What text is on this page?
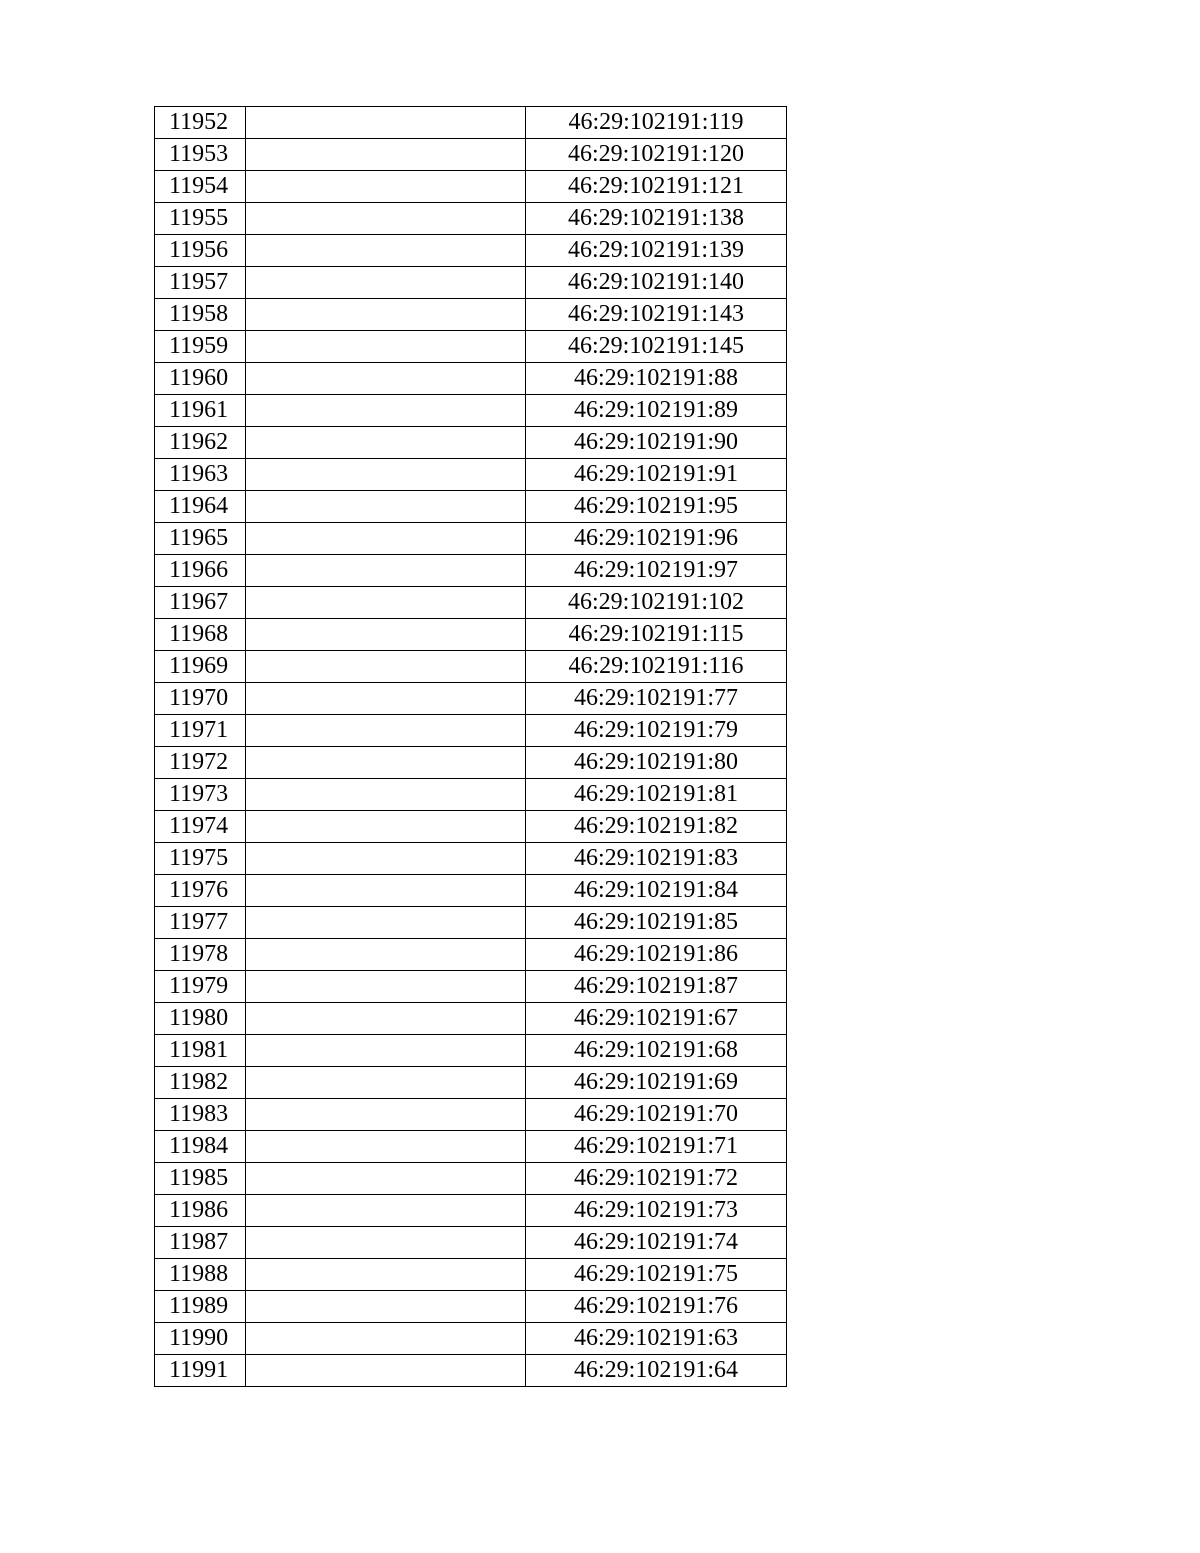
11952		46:29:102191:119
11953		46:29:102191:120
11954		46:29:102191:121
11955		46:29:102191:138
11956		46:29:102191:139
11957		46:29:102191:140
11958		46:29:102191:143
11959		46:29:102191:145
11960		46:29:102191:88
11961		46:29:102191:89
11962		46:29:102191:90
11963		46:29:102191:91
11964		46:29:102191:95
11965		46:29:102191:96
11966		46:29:102191:97
11967		46:29:102191:102
11968		46:29:102191:115
11969		46:29:102191:116
11970		46:29:102191:77
11971		46:29:102191:79
11972		46:29:102191:80
11973		46:29:102191:81
11974		46:29:102191:82
11975		46:29:102191:83
11976		46:29:102191:84
11977		46:29:102191:85
11978		46:29:102191:86
11979		46:29:102191:87
11980		46:29:102191:67
11981		46:29:102191:68
11982		46:29:102191:69
11983		46:29:102191:70
11984		46:29:102191:71
11985		46:29:102191:72
11986		46:29:102191:73
11987		46:29:102191:74
11988		46:29:102191:75
11989		46:29:102191:76
11990		46:29:102191:63
11991		46:29:102191:64
